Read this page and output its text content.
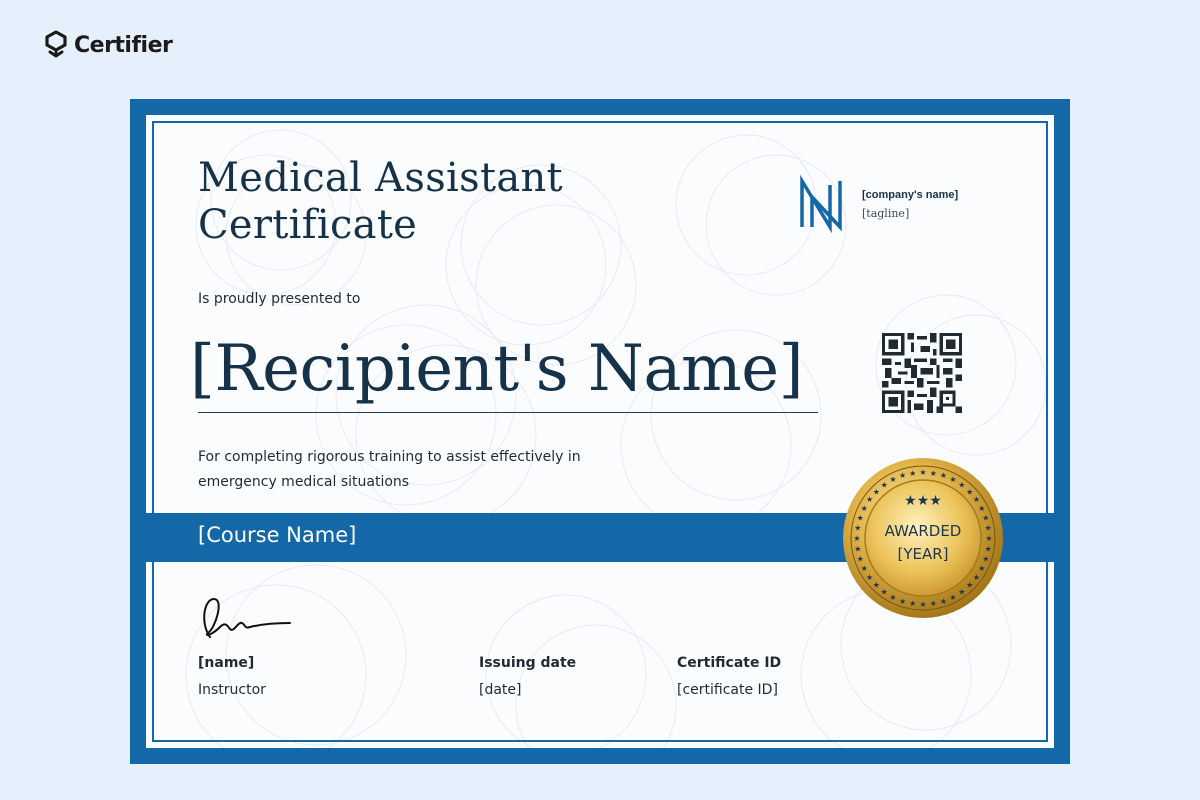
Certifier
Medical Assistant
Certificate
[company's name]
[tagline]
Is proudly presented to
[Recipient's Name]
For completing rigorous training to assist effectively in
emergency medical situations
[Course Name]	★
★
★
★
★
★
★
★
★
★
★
★
★
★
★
★
★
★
★
★
★
★
★
★
★
★
★
★ ★ ★ ★ ★ ★ ★
★
★
★
★
★
★
★★★
AWARDED
[YEAR]
[name]
Instructor
Issuing date
[date]
Certificate ID
[certificate ID]
